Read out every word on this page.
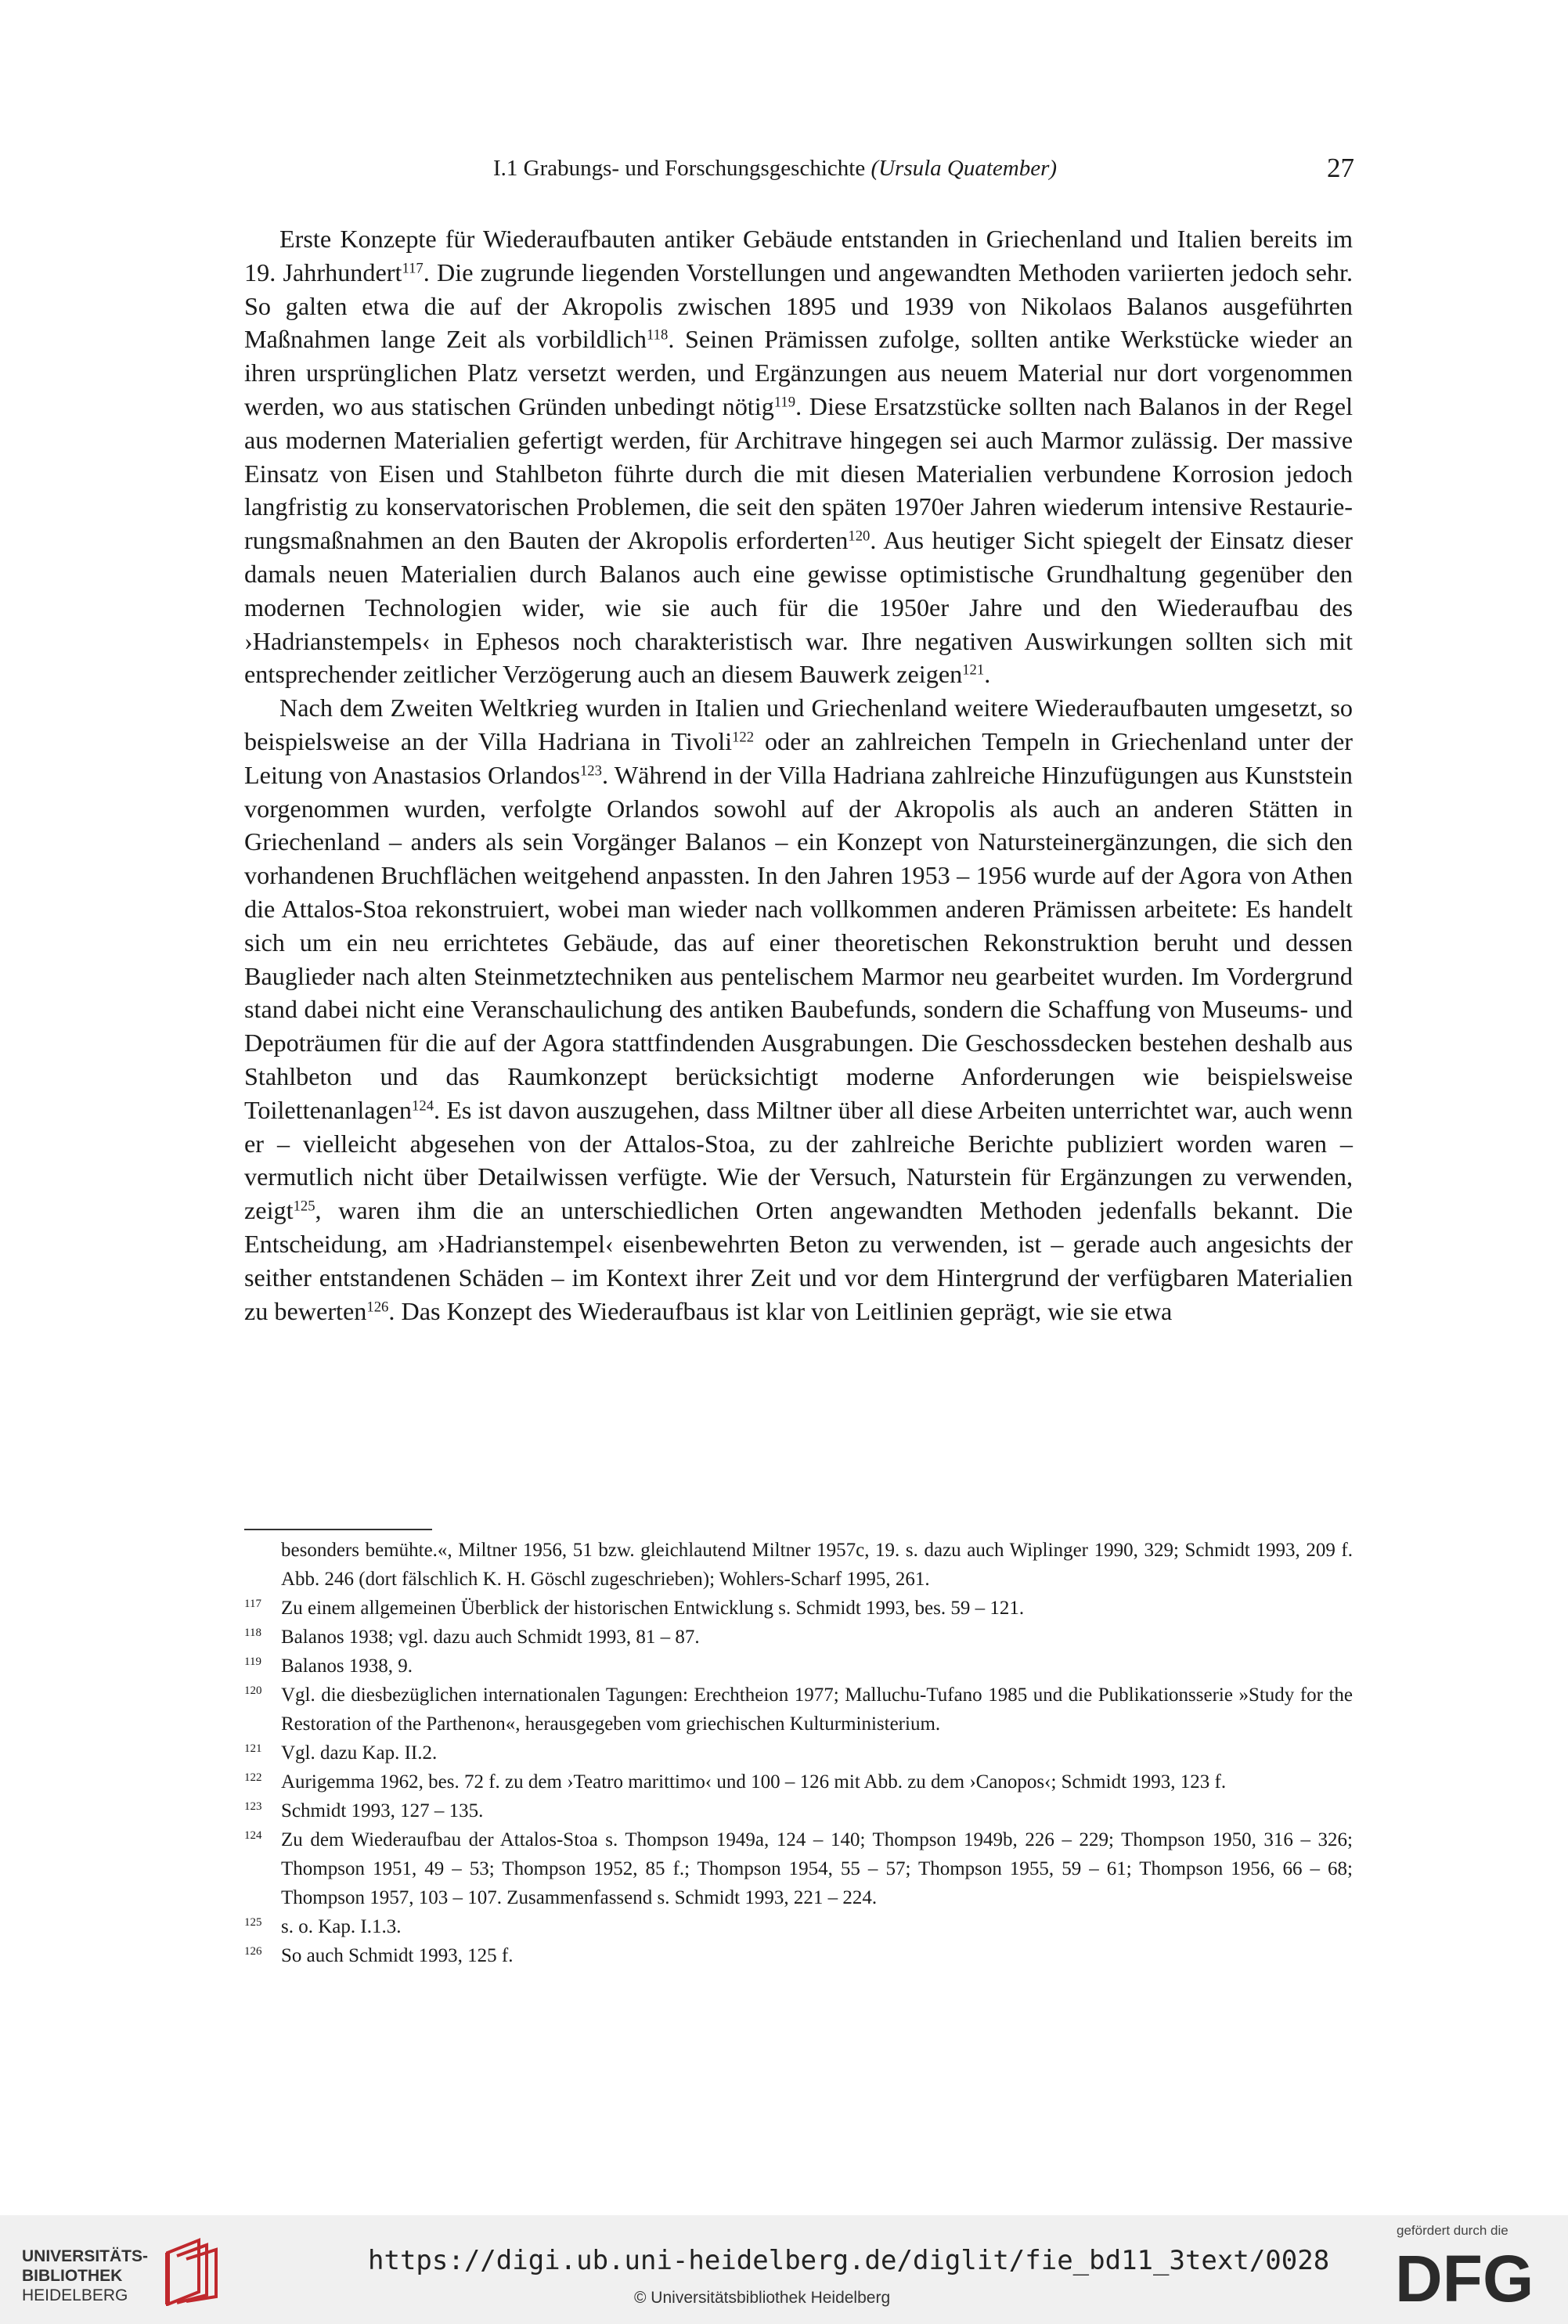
I.1 Grabungs- und Forschungsgeschichte (Ursula Quatember)	27

Erste Konzepte für Wiederaufbauten antiker Gebäude entstanden in Griechenland und Italien bereits im 19. Jahrhundert$^{117}$. Die zugrunde liegenden Vorstellungen und angewandten Methoden variierten jedoch sehr. So galten etwa die auf der Akropolis zwischen 1895 und 1939 von Nikolaos Balanos ausgeführten Maßnahmen lange Zeit als vorbildlich$^{118}$. Seinen Prämissen zufolge, sollten antike Werkstücke wieder an ihren ursprünglichen Platz versetzt werden, und Ergänzungen aus neuem Material nur dort vorgenommen werden, wo aus statischen Gründen unbedingt nötig$^{119}$. Diese Ersatzstücke sollten nach Balanos in der Regel aus modernen Materialien gefertigt werden, für Architrave hingegen sei auch Marmor zulässig. Der massive Einsatz von Eisen und Stahlbeton führte durch die mit diesen Materialien verbundene Korrosion jedoch langfristig zu konservatorischen Problemen, die seit den späten 1970er Jahren wiederum intensive Restaurierungsmaßnahmen an den Bauten der Akropolis erforderten$^{120}$. Aus heutiger Sicht spiegelt der Einsatz dieser damals neuen Materialien durch Balanos auch eine gewisse optimistische Grundhaltung gegenüber den modernen Technologien wider, wie sie auch für die 1950er Jahre und den Wiederaufbau des ›Hadrianstempels‹ in Ephesos noch charakteristisch war. Ihre negativen Auswirkungen sollten sich mit entsprechender zeitlicher Verzögerung auch an diesem Bauwerk zeigen$^{121}$.

Nach dem Zweiten Weltkrieg wurden in Italien und Griechenland weitere Wiederaufbauten umgesetzt, so beispielsweise an der Villa Hadriana in Tivoli$^{122}$ oder an zahlreichen Tempeln in Griechenland unter der Leitung von Anastasios Orlandos$^{123}$. Während in der Villa Hadriana zahlreiche Hinzufügungen aus Kunststein vorgenommen wurden, verfolgte Orlandos sowohl auf der Akropolis als auch an anderen Stätten in Griechenland – anders als sein Vorgänger Balanos – ein Konzept von Natursteinergänzungen, die sich den vorhandenen Bruchflächen weitgehend anpassten. In den Jahren 1953 – 1956 wurde auf der Agora von Athen die Attalos-Stoa rekonstruiert, wobei man wieder nach vollkommen anderen Prämissen arbeitete: Es handelt sich um ein neu errichtetes Gebäude, das auf einer theoretischen Rekonstruktion beruht und dessen Bauglieder nach alten Steinmetztechniken aus pentelischem Marmor neu gearbeitet wurden. Im Vordergrund stand dabei nicht eine Veranschaulichung des antiken Baubefunds, sondern die Schaffung von Museums- und Depoträumen für die auf der Agora stattfindenden Ausgrabungen. Die Geschossdecken bestehen deshalb aus Stahlbeton und das Raumkonzept berücksichtigt moderne Anforderungen wie beispielsweise Toilettenanlagen$^{124}$. Es ist davon auszugehen, dass Miltner über all diese Arbeiten unterrichtet war, auch wenn er – vielleicht abgesehen von der Attalos-Stoa, zu der zahlreiche Berichte publiziert worden waren – vermutlich nicht über Detailwissen verfügte. Wie der Versuch, Naturstein für Ergänzungen zu verwenden, zeigt$^{125}$, waren ihm die an unterschiedlichen Orten angewandten Methoden jedenfalls bekannt. Die Entscheidung, am ›Hadrianstempel‹ eisenbewehrten Beton zu verwenden, ist – gerade auch angesichts der seither entstandenen Schäden – im Kontext ihrer Zeit und vor dem Hintergrund der verfügbaren Materialien zu bewerten$^{126}$. Das Konzept des Wiederaufbaus ist klar von Leitlinien geprägt, wie sie etwa

besonders bemühte.«, Miltner 1956, 51 bzw. gleichlautend Miltner 1957c, 19. s. dazu auch Wiplinger 1990, 329; Schmidt 1993, 209 f. Abb. 246 (dort fälschlich K. H. Göschl zugeschrieben); Wohlers-Scharf 1995, 261.
117 Zu einem allgemeinen Überblick der historischen Entwicklung s. Schmidt 1993, bes. 59 – 121.
118 Balanos 1938; vgl. dazu auch Schmidt 1993, 81 – 87.
119 Balanos 1938, 9.
120 Vgl. die diesbezüglichen internationalen Tagungen: Erechtheion 1977; Malluchu-Tufano 1985 und die Publikationsserie »Study for the Restoration of the Parthenon«, herausgegeben vom griechischen Kulturministerium.
121 Vgl. dazu Kap. II.2.
122 Aurigemma 1962, bes. 72 f. zu dem ›Teatro marittimo‹ und 100 – 126 mit Abb. zu dem ›Canopos‹; Schmidt 1993, 123 f.
123 Schmidt 1993, 127 – 135.
124 Zu dem Wiederaufbau der Attalos-Stoa s. Thompson 1949a, 124 – 140; Thompson 1949b, 226 – 229; Thompson 1950, 316 – 326; Thompson 1951, 49 – 53; Thompson 1952, 85 f.; Thompson 1954, 55 – 57; Thompson 1955, 59 – 61; Thompson 1956, 66 – 68; Thompson 1957, 103 – 107. Zusammenfassend s. Schmidt 1993, 221 – 224.
125 s. o. Kap. I.1.3.
126 So auch Schmidt 1993, 125 f.
UNIVERSITÄTS-
BIBLIOTHEK
HEIDELBERG
https://digi.ub.uni-heidelberg.de/diglit/fie_bd11_3text/0028
© Universitätsbibliothek Heidelberg
gefördert durch die
DFG
